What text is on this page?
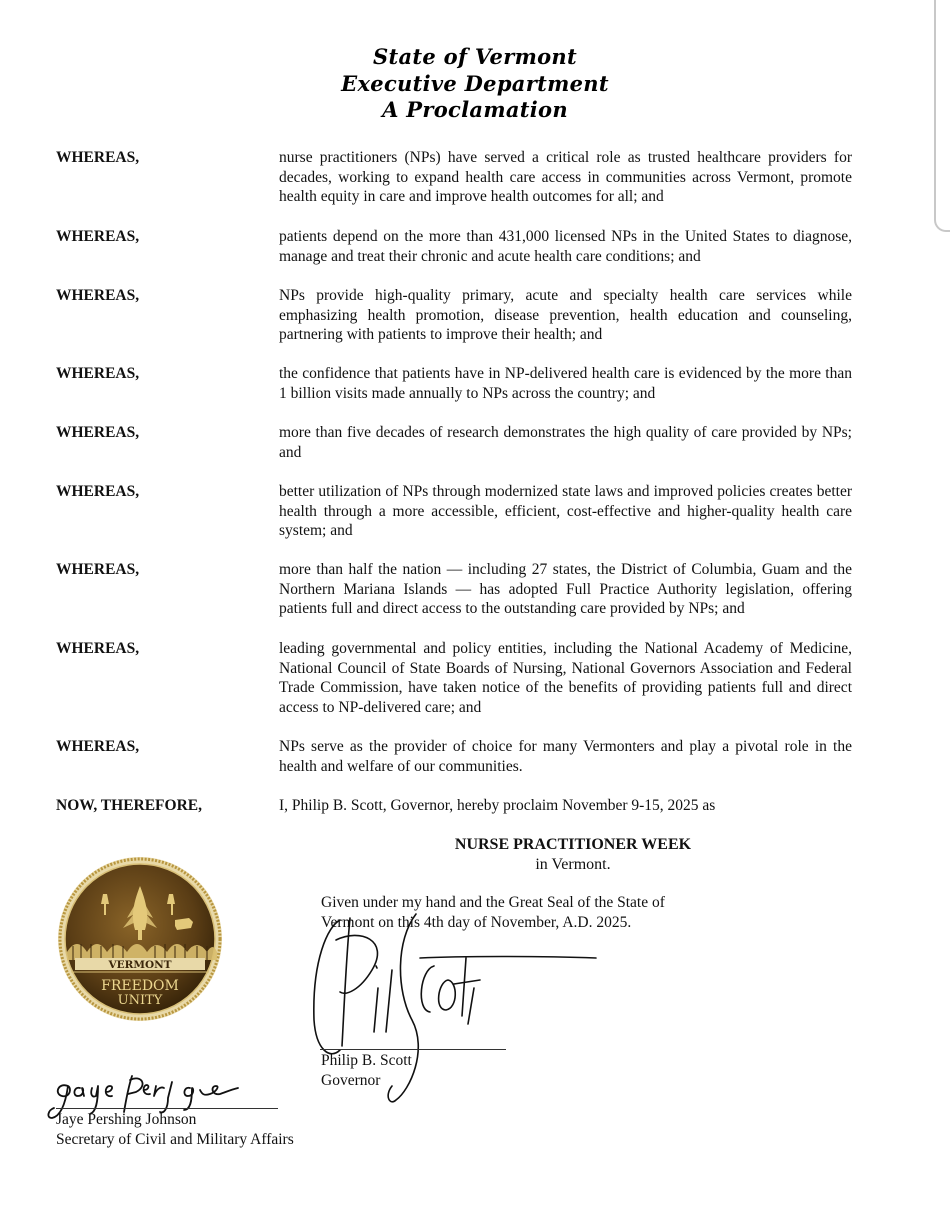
State of Vermont
Executive Department
A Proclamation
WHEREAS,	nurse practitioners (NPs) have served a critical role as trusted healthcare providers for decades, working to expand health care access in communities across Vermont, promote health equity in care and improve health outcomes for all; and
WHEREAS,	patients depend on the more than 431,000 licensed NPs in the United States to diagnose, manage and treat their chronic and acute health care conditions; and
WHEREAS,	NPs provide high-quality primary, acute and specialty health care services while emphasizing health promotion, disease prevention, health education and counseling, partnering with patients to improve their health; and
WHEREAS,	the confidence that patients have in NP-delivered health care is evidenced by the more than 1 billion visits made annually to NPs across the country; and
WHEREAS,	more than five decades of research demonstrates the high quality of care provided by NPs; and
WHEREAS,	better utilization of NPs through modernized state laws and improved policies creates better health through a more accessible, efficient, cost-effective and higher-quality health care system; and
WHEREAS,	more than half the nation — including 27 states, the District of Columbia, Guam and the Northern Mariana Islands — has adopted Full Practice Authority legislation, offering patients full and direct access to the outstanding care provided by NPs; and
WHEREAS,	leading governmental and policy entities, including the National Academy of Medicine, National Council of State Boards of Nursing, National Governors Association and Federal Trade Commission, have taken notice of the benefits of providing patients full and direct access to NP-delivered care; and
WHEREAS,	NPs serve as the provider of choice for many Vermonters and play a pivotal role in the health and welfare of our communities.
NOW, THEREFORE,	I, Philip B. Scott, Governor, hereby proclaim November 9-15, 2025 as
NURSE PRACTITIONER WEEK
in Vermont.
VERMONT
FREEDOM
UNITY
Given under my hand and the Great Seal of the State of
Vermont on this 4th day of November, A.D. 2025.
Philip B. Scott
Governor
Jaye Pershing Johnson
Secretary of Civil and Military Affairs
